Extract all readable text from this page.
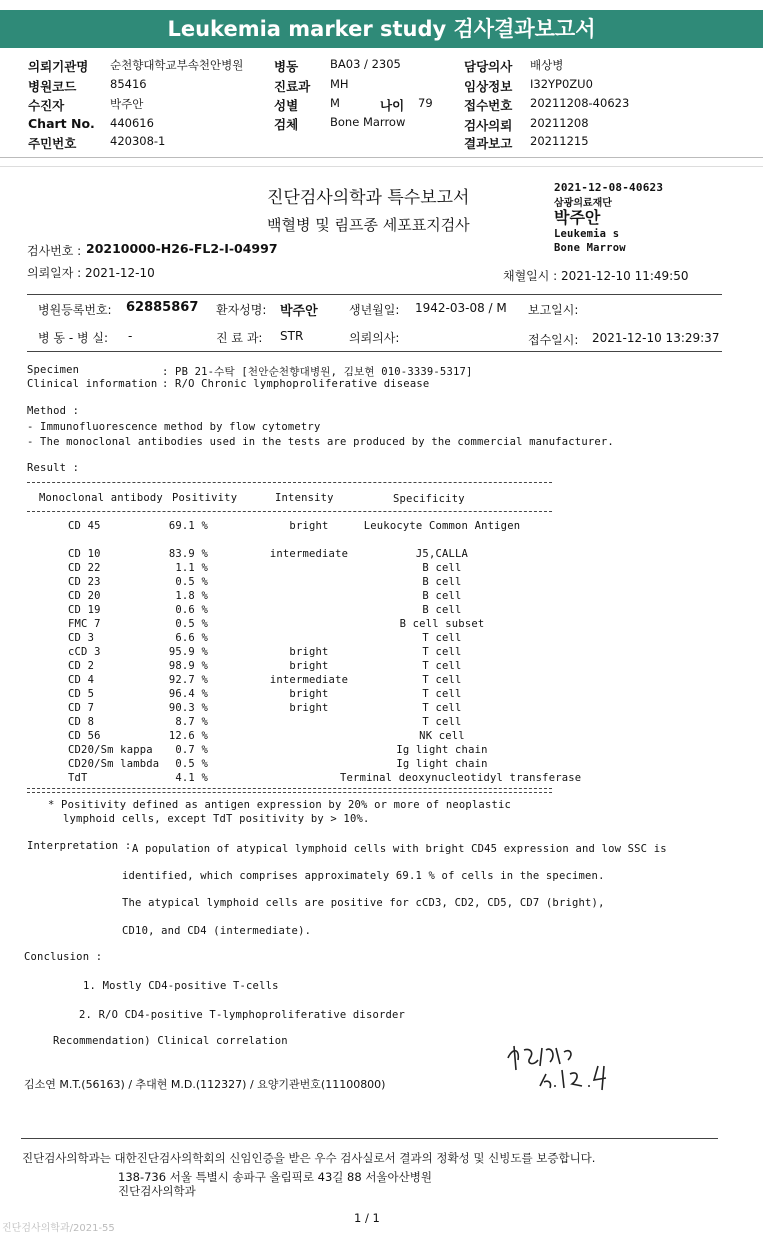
Leukemia marker study 검사결과보고서
의뢰기관명 순천향대학교부속천안병원
병원코드	85416
수진자	박주안
Chart No. 440616
주민번호	420308-1
병동	BA03 / 2305
진료과 MH
성별	M	나이 79
검체	Bone Marrow
담당의사 배상병
임상정보 I32YP0ZU0
접수번호 20211208-40623
검사의뢰 20211208
결과보고 20211215
진단검사의학과 특수보고서
백혈병 및 림프종 세포표지검사
2021-12-08-40623
삼광의료재단
박주안
Leukemia s
Bone Marrow
검사번호 : 20210000-H26-FL2-I-04997
의뢰일자 : 2021-12-10	채혈일시 : 2021-12-10 11:49:50
병원등록번호: 62885867 환자성명: 박주안	생년월일: 1942-03-08 / M 보고일시:
병 동 - 병 실: -	진 료 과: STR	의뢰의사:	접수일시: 2021-12-10 13:29:37
Specimen	: PB 21-수탁 [천안순천향대병원, 김보현 010-3339-5317]
Clinical information : R/O Chronic lymphoproliferative disease
Method :
- Immunofluorescence method by flow cytometry
- The monoclonal antibodies used in the tests are produced by the commercial manufacturer.
Result :
Monoclonal antibody Positivity	Intensity	Specificity
CD 45	69.1 %	bright	Leukocyte Common Antigen
CD 10	83.9 %	intermediate	J5,CALLA
CD 22	1.1 %	B cell
CD 23	0.5 %	B cell
CD 20	1.8 %	B cell
CD 19	0.6 %	B cell
FMC 7	0.5 %	B cell subset
CD 3	6.6 %	T cell
cCD 3	95.9 %	bright	T cell
CD 2	98.9 %	bright	T cell
CD 4	92.7 %	intermediate	T cell
CD 5	96.4 %	bright	T cell
CD 7	90.3 %	bright	T cell
CD 8	8.7 %	T cell
CD 56	12.6 %	NK cell
CD20/Sm kappa	0.7 %	Ig light chain
CD20/Sm lambda	0.5 %	Ig light chain
TdT	4.1 %	Terminal deoxynucleotidyl transferase
* Positivity defined as antigen expression by 20% or more of neoplastic
lymphoid cells, except TdT positivity by > 10%.
Interpretation : A population of atypical lymphoid cells with bright CD45 expression and low SSC is
identified, which comprises approximately 69.1 % of cells in the specimen.
The atypical lymphoid cells are positive for cCD3, CD2, CD5, CD7 (bright),
CD10, and CD4 (intermediate).
Conclusion :
1. Mostly CD4-positive T-cells
2. R/O CD4-positive T-lymphoproliferative disorder
Recommendation) Clinical correlation
김소연 M.T.(56163) / 추대현 M.D.(112327) / 요양기관번호(11100800)
진단검사의학과는 대한진단검사의학회의 신임인증을 받은 우수 검사실로서 결과의 정확성 및 신빙도를 보증합니다.
138-736 서울 특별시 송파구 올림픽로 43길 88 서울아산병원
진단검사의학과
1 / 1
진단검사의학과/2021-55
